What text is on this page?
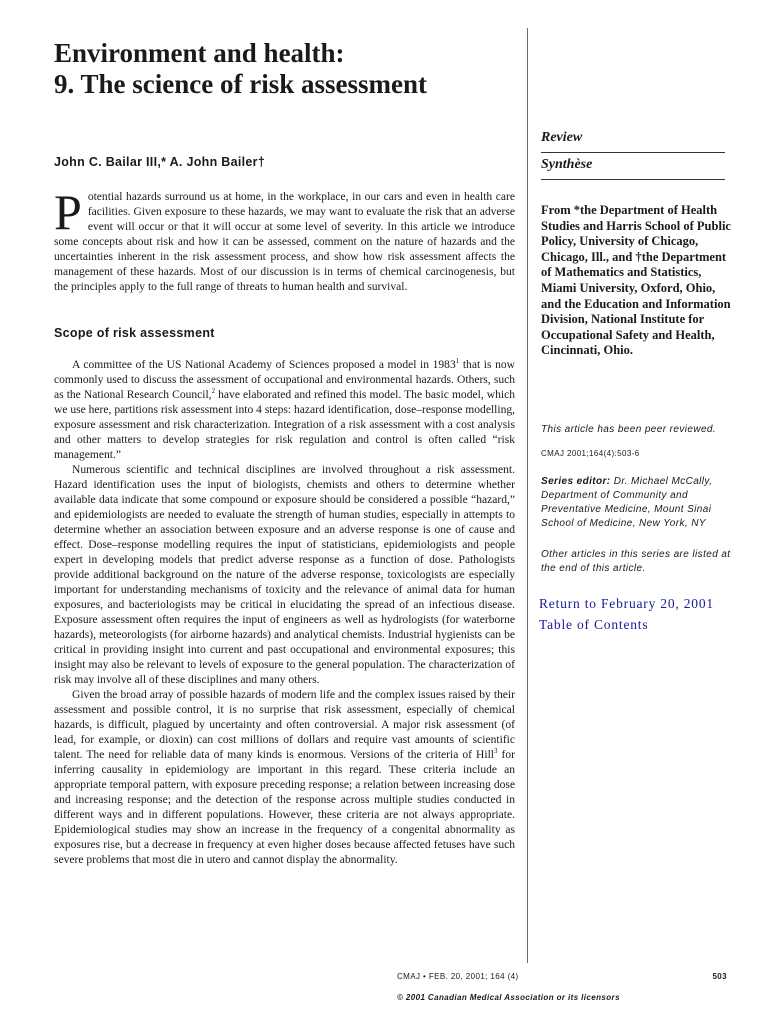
Environment and health:
9. The science of risk assessment
John C. Bailar III,* A. John Bailer†

Potential hazards surround us at home, in the workplace, in our cars and even in health care facilities. Given exposure to these hazards, we may want to evaluate the risk that an adverse event will occur or that it will occur at some level of severity. In this article we introduce some concepts about risk and how it can be assessed, comment on the nature of hazards and the uncertainties inherent in the risk assessment process, and show how risk assessment affects the management of these hazards. Most of our discussion is in terms of chemical carcinogenesis, but the principles apply to the full range of threats to human health and survival.

Scope of risk assessment

A committee of the US National Academy of Sciences proposed a model in 1983$^1$ that is now commonly used to discuss the assessment of occupational and environmental hazards. Others, such as the National Research Council,$^2$ have elaborated and refined this model. The basic model, which we use here, partitions risk assessment into 4 steps: hazard identification, dose–response modelling, exposure assessment and risk characterization. Integration of a risk assessment with a cost analysis and other matters to develop strategies for risk regulation and control is often called “risk management.”

Numerous scientific and technical disciplines are involved throughout a risk assessment. Hazard identification uses the input of biologists, chemists and others to determine whether available data indicate that some compound or exposure should be considered a possible “hazard,” and epidemiologists are needed to evaluate the strength of human studies, especially in attempts to determine whether an association between exposure and an adverse response is one of cause and effect. Dose–response modelling requires the input of statisticians, epidemiologists and people expert in developing models that predict adverse response as a function of dose. Pathologists provide additional background on the nature of the adverse response, toxicologists are especially important for understanding mechanisms of toxicity and the relevance of animal data for human exposures, and bacteriologists may be critical in elucidating the spread of an infectious disease. Exposure assessment often requires the input of engineers as well as hydrologists (for waterborne hazards), meteorologists (for airborne hazards) and analytical chemists. Industrial hygienists can be critical in providing insight into current and past occupational and environmental exposures; this insight may also be relevant to levels of exposure to the general population. The characterization of risk may involve all of these disciplines and many others.

Given the broad array of possible hazards of modern life and the complex issues raised by their assessment and possible control, it is no surprise that risk assessment, especially of chemical hazards, is difficult, plagued by uncertainty and often controversial. A major risk assessment (of lead, for example, or dioxin) can cost millions of dollars and require vast amounts of scientific talent. The need for reliable data of many kinds is enormous. Versions of the criteria of Hill$^3$ for inferring causality in epidemiology are important in this regard. These criteria include an appropriate temporal pattern, with exposure preceding response; a relation between increasing dose and increasing response; and the detection of the response across multiple studies conducted in different ways and in different populations. However, these criteria are not always appropriate. Epidemiological studies may show an increase in the frequency of a congenital abnormality as exposures rise, but a decrease in frequency at even higher doses because affected fetuses have such severe problems that most die in utero and cannot display the abnormality.

Review
Synthèse
From *the Department of Health Studies and Harris School of Public Policy, University of Chicago, Chicago, Ill., and †the Department of Mathematics and Statistics, Miami University, Oxford, Ohio, and the Education and Information Division, National Institute for Occupational Safety and Health, Cincinnati, Ohio.
This article has been peer reviewed.
CMAJ 2001;164(4):503-6
Series editor: Dr. Michael McCally, Department of Community and Preventative Medicine, Mount Sinai School of Medicine, New York, NY
Other articles in this series are listed at the end of this article.
Return to February 20, 2001
Table of Contents
CMAJ • FEB. 20, 2001; 164 (4)	503
© 2001 Canadian Medical Association or its licensors
